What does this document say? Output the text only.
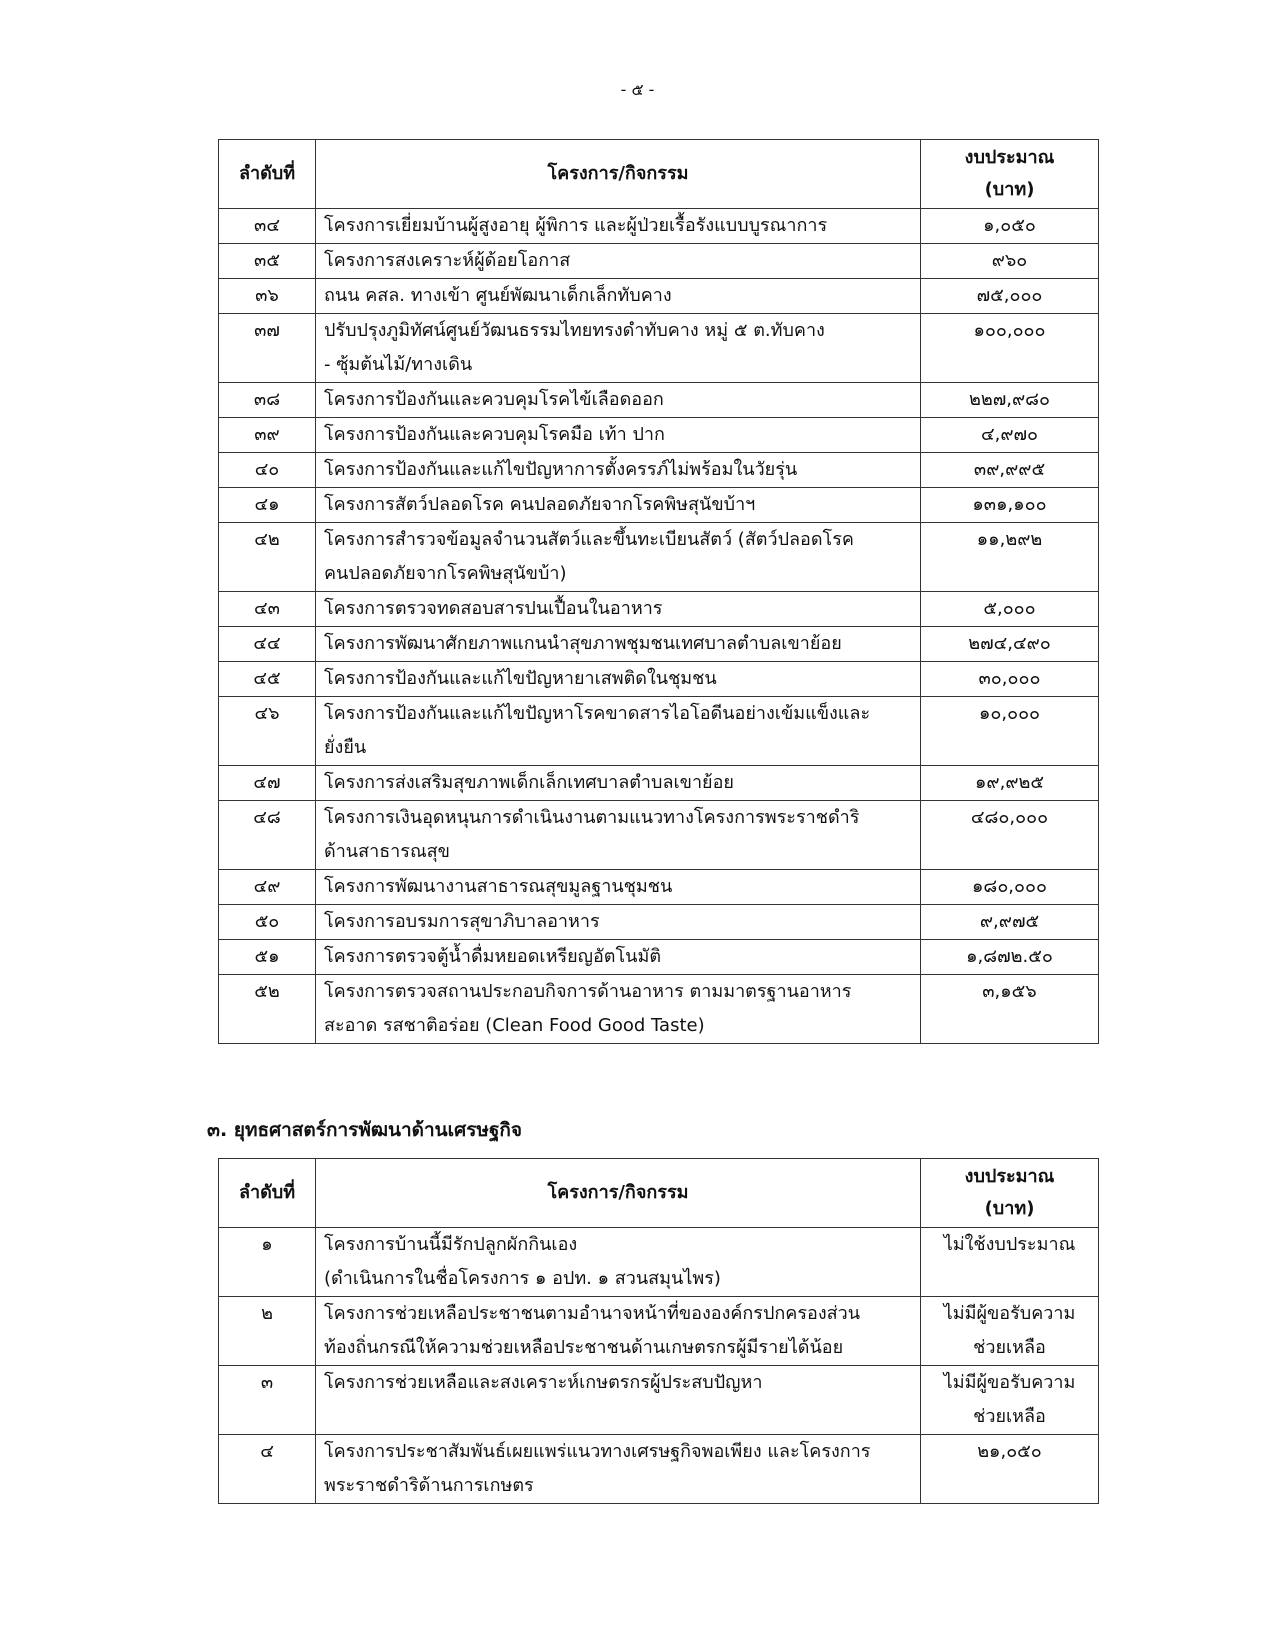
- ๕ -
ลำดับที่	โครงการ/กิจกรรม	งบประมาณ
(บาท)

๓๔	โครงการเยี่ยมบ้านผู้สูงอายุ ผู้พิการ และผู้ป่วยเรื้อรังแบบบูรณาการ	๑,๐๕๐

๓๕	โครงการสงเคราะห์ผู้ด้อยโอกาส	๙๖๐

๓๖	ถนน คสล. ทางเข้า ศูนย์พัฒนาเด็กเล็กทับคาง	๗๕,๐๐๐

๓๗	ปรับปรุงภูมิทัศน์ศูนย์วัฒนธรรมไทยทรงดำทับคาง หมู่ ๕ ต.ทับคาง
- ซุ้มต้นไม้/ทางเดิน	๑๐๐,๐๐๐

๓๘	โครงการป้องกันและควบคุมโรคไข้เลือดออก	๒๒๗,๙๘๐

๓๙	โครงการป้องกันและควบคุมโรคมือ เท้า ปาก	๔,๙๗๐

๔๐	โครงการป้องกันและแก้ไขปัญหาการตั้งครรภ์ไม่พร้อมในวัยรุ่น	๓๙,๙๙๕

๔๑	โครงการสัตว์ปลอดโรค คนปลอดภัยจากโรคพิษสุนัขบ้าฯ	๑๓๑,๑๐๐

๔๒	โครงการสำรวจข้อมูลจำนวนสัตว์และขึ้นทะเบียนสัตว์ (สัตว์ปลอดโรค
คนปลอดภัยจากโรคพิษสุนัขบ้า)	๑๑,๒๙๒

๔๓	โครงการตรวจทดสอบสารปนเปื้อนในอาหาร	๕,๐๐๐

๔๔	โครงการพัฒนาศักยภาพแกนนำสุขภาพชุมชนเทศบาลตำบลเขาย้อย	๒๗๔,๔๙๐

๔๕	โครงการป้องกันและแก้ไขปัญหายาเสพติดในชุมชน	๓๐,๐๐๐

๔๖	โครงการป้องกันและแก้ไขปัญหาโรคขาดสารไอโอดีนอย่างเข้มแข็งและ
ยั่งยืน	๑๐,๐๐๐

๔๗	โครงการส่งเสริมสุขภาพเด็กเล็กเทศบาลตำบลเขาย้อย	๑๙,๙๒๕

๔๘	โครงการเงินอุดหนุนการดำเนินงานตามแนวทางโครงการพระราชดำริ
ด้านสาธารณสุข	๔๘๐,๐๐๐

๔๙	โครงการพัฒนางานสาธารณสุขมูลฐานชุมชน	๑๘๐,๐๐๐

๕๐	โครงการอบรมการสุขาภิบาลอาหาร	๙,๙๗๕

๕๑	โครงการตรวจตู้น้ำดื่มหยอดเหรียญอัตโนมัติ	๑,๘๗๒.๕๐

๕๒	โครงการตรวจสถานประกอบกิจการด้านอาหาร ตามมาตรฐานอาหาร
สะอาด รสชาติอร่อย (Clean Food Good Taste)	๓,๑๕๖
๓. ยุทธศาสตร์การพัฒนาด้านเศรษฐกิจ
ลำดับที่	โครงการ/กิจกรรม	งบประมาณ
(บาท)

๑	โครงการบ้านนี้มีรักปลูกผักกินเอง
(ดำเนินการในชื่อโครงการ ๑ อปท. ๑ สวนสมุนไพร)	ไม่ใช้งบประมาณ

๒	โครงการช่วยเหลือประชาชนตามอำนาจหน้าที่ขององค์กรปกครองส่วน
ท้องถิ่นกรณีให้ความช่วยเหลือประชาชนด้านเกษตรกรผู้มีรายได้น้อย	ไม่มีผู้ขอรับความ
ช่วยเหลือ

๓	โครงการช่วยเหลือและสงเคราะห์เกษตรกรผู้ประสบปัญหา	ไม่มีผู้ขอรับความ
ช่วยเหลือ

๔	โครงการประชาสัมพันธ์เผยแพร่แนวทางเศรษฐกิจพอเพียง และโครงการ
พระราชดำริด้านการเกษตร	๒๑,๐๕๐
